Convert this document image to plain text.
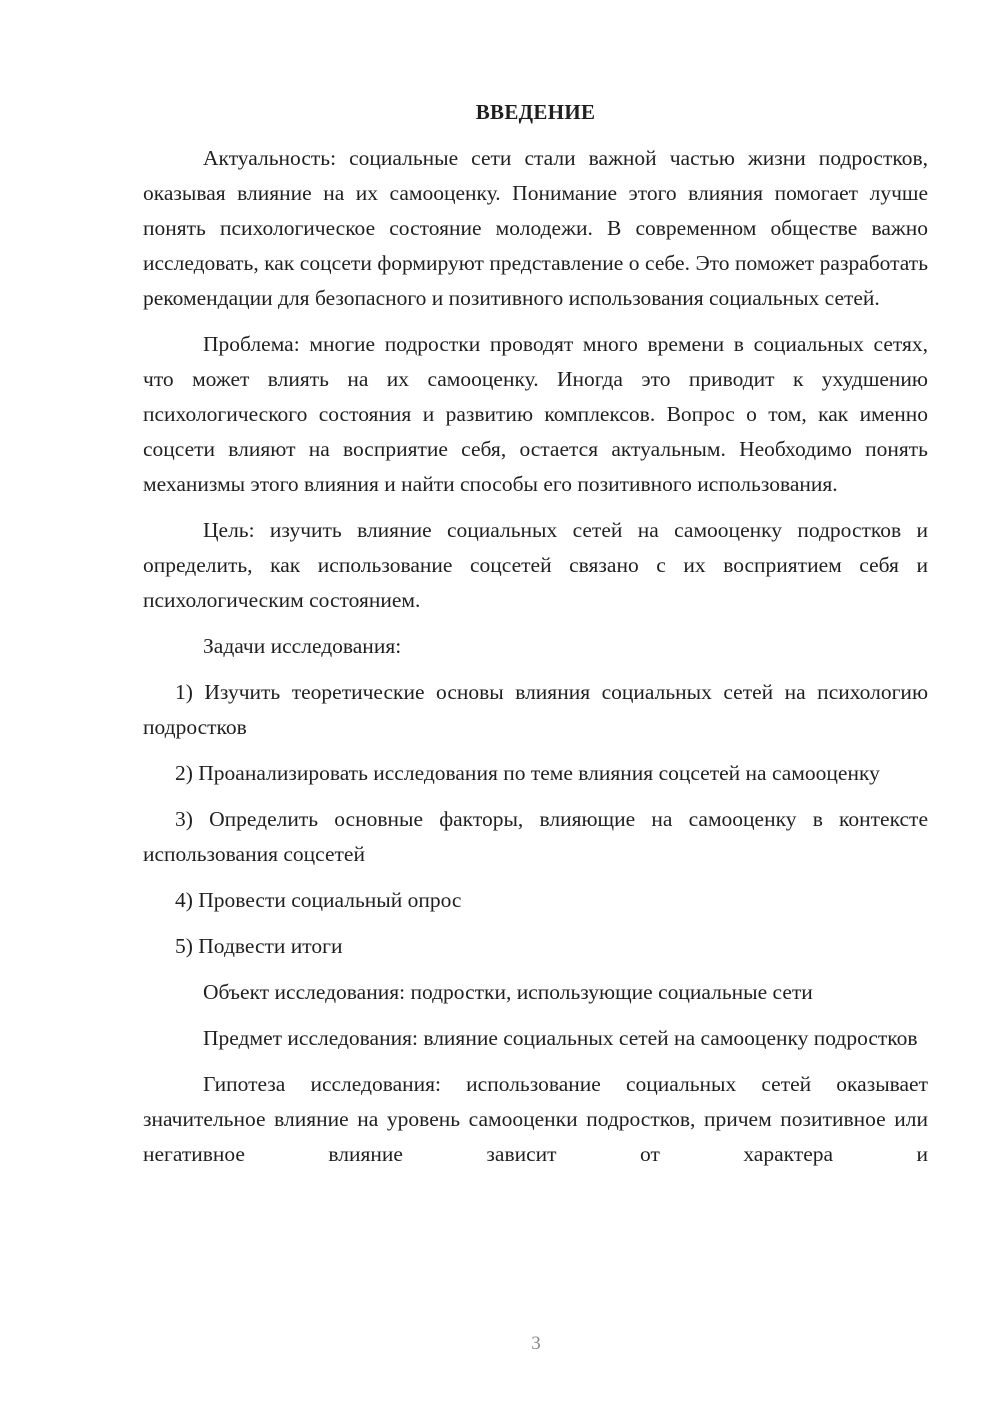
ВВЕДЕНИЕ

Актуальность: социальные сети стали важной частью жизни подростков, оказывая влияние на их самооценку. Понимание этого влияния помогает лучше понять психологическое состояние молодежи. В современном обществе важно исследовать, как соцсети формируют представление о себе. Это поможет разработать рекомендации для безопасного и позитивного использования социальных сетей.

Проблема: многие подростки проводят много времени в социальных сетях, что может влиять на их самооценку. Иногда это приводит к ухудшению психологического состояния и развитию комплексов. Вопрос о том, как именно соцсети влияют на восприятие себя, остается актуальным. Необходимо понять механизмы этого влияния и найти способы его позитивного использования.

Цель: изучить влияние социальных сетей на самооценку подростков и определить, как использование соцсетей связано с их восприятием себя и психологическим состоянием.

Задачи исследования:

1) Изучить теоретические основы влияния социальных сетей на психологию подростков

2) Проанализировать исследования по теме влияния соцсетей на самооценку

3) Определить основные факторы, влияющие на самооценку в контексте использования соцсетей

4) Провести социальный опрос

5) Подвести итоги

Объект исследования: подростки, использующие социальные сети

Предмет исследования: влияние социальных сетей на самооценку подростков

Гипотеза исследования: использование социальных сетей оказывает значительное влияние на уровень самооценки подростков, причем позитивное или негативное влияние зависит от характера и

3
